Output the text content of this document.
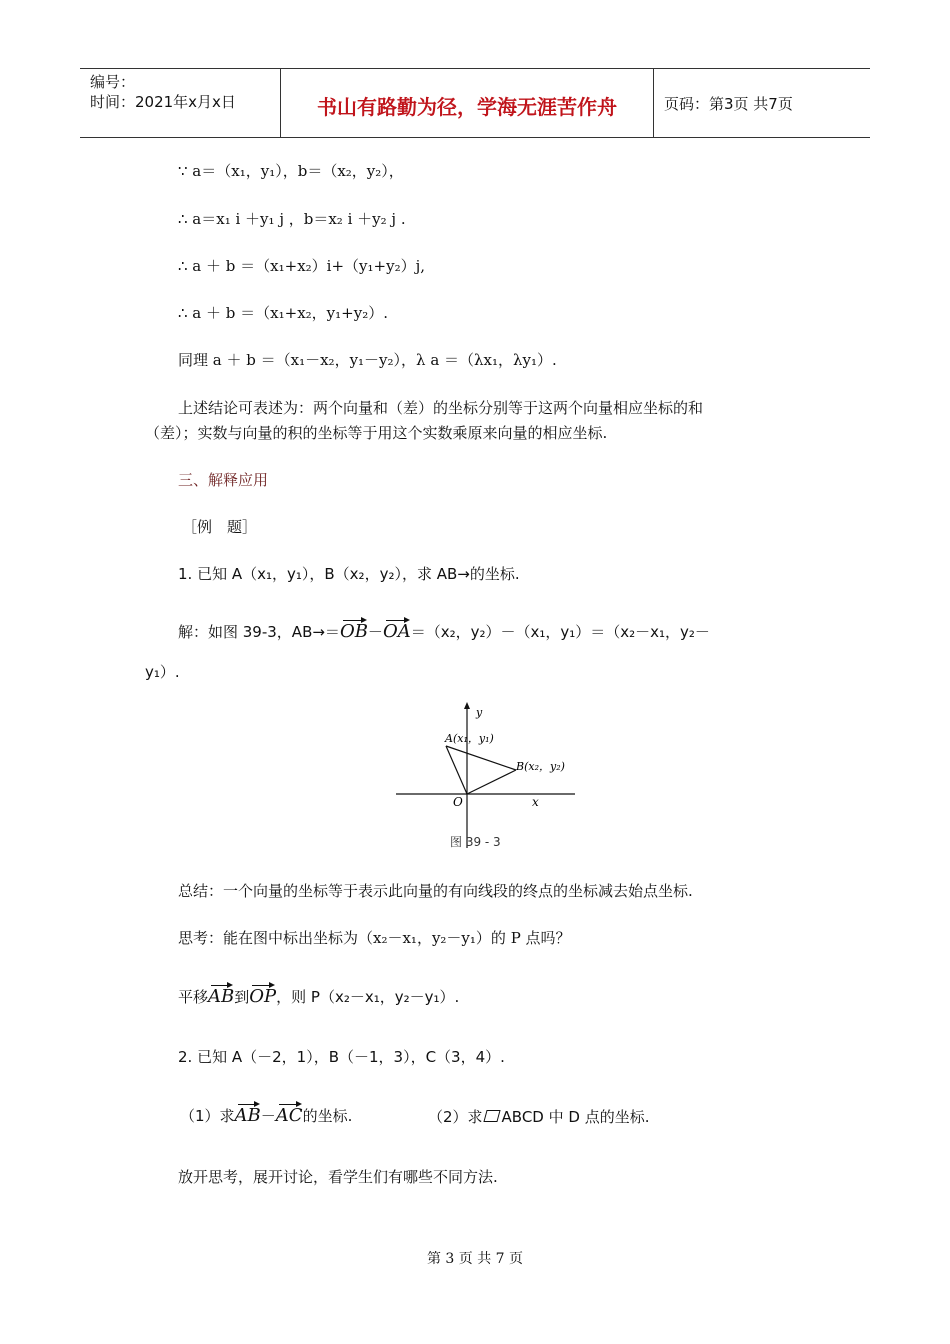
编号：
时间：2021年x月x日	书山有路勤为径，学海无涯苦作舟	页码：第3页 共7页
∵ a＝（x₁，y₁），b＝（x₂，y₂），
∴ a＝x₁ i ＋y₁ j ，b＝x₂ i ＋y₂ j .
∴ a ＋ b ＝（x₁+x₂）i+（y₁+y₂）j,
∴ a ＋ b ＝（x₁+x₂，y₁+y₂）.
同理 a ＋ b ＝（x₁－x₂，y₁－y₂），λ a ＝（λx₁，λy₁）.
上述结论可表述为：两个向量和（差）的坐标分别等于这两个向量相应坐标的和
（差）；实数与向量的积的坐标等于用这个实数乘原来向量的相应坐标.
三、解释应用
［例　题］
1. 已知 A（x₁，y₁），B（x₂，y₂），求 AB→的坐标.
解：如图 39-3，AB→＝OB－OA＝（x₂，y₂）－（x₁，y₁）＝（x₂－x₁，y₂－
y₁）.
y
x
O
A(x₁，y₁)
B(x₂，y₂)
图 39 - 3
总结：一个向量的坐标等于表示此向量的有向线段的终点的坐标减去始点坐标.
思考：能在图中标出坐标为（x₂－x₁，y₂－y₁）的 P 点吗？
平移AB到OP，则 P（x₂－x₁，y₂－y₁）.
2. 已知 A（－2，1），B（－1，3），C（3，4）.
（1）求AB－AC的坐标.	（2）求 ABCD 中 D 点的坐标.
放开思考，展开讨论，看学生们有哪些不同方法.
第 3 页 共 7 页
